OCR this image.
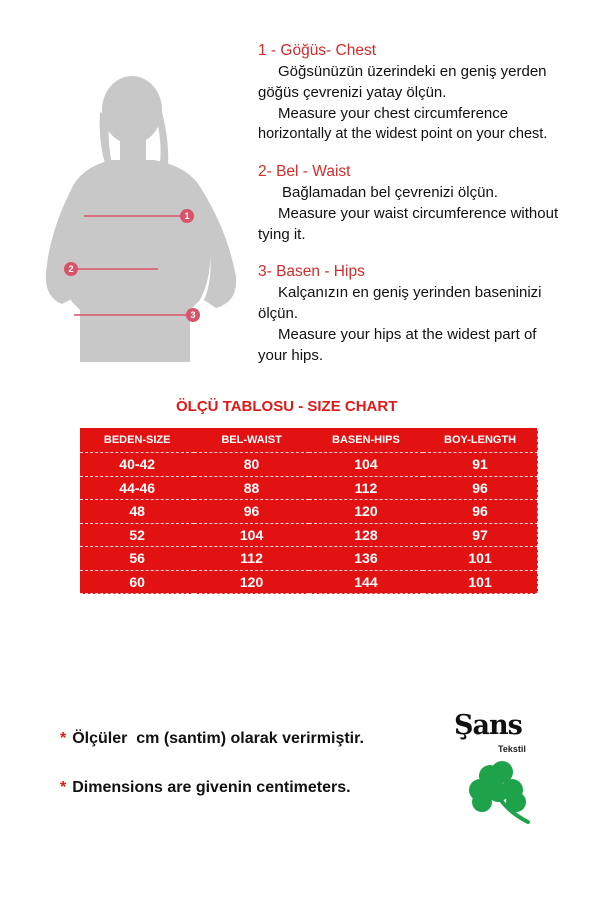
1
2
3
1 - Göğüs- Chest
Göğsünüzün üzerindeki en geniş yerden
göğüs çevrenizi yatay ölçün.
Measure your chest circumference
horizontally at the widest point on your chest.
2- Bel - Waist
Bağlamadan bel çevrenizi ölçün.
Measure your waist circumference without
tying it.
3- Basen - Hips
Kalçanızın en geniş yerinden baseninizi
ölçün.
Measure your hips at the widest part of
your hips.
ÖLÇÜ TABLOSU - SIZE CHART
BEDEN-SIZE	BEL-WAIST	BASEN-HIPS	BOY-LENGTH
40-42	80	104	91
44-46	88	112	96
48	96	120	96
52	104	128	97
56	112	136	101
60	120	144	101
* Ölçüler  cm (santim) olarak verirmiştir.
* Dimensions are givenin centimeters.
Şans
Tekstil
